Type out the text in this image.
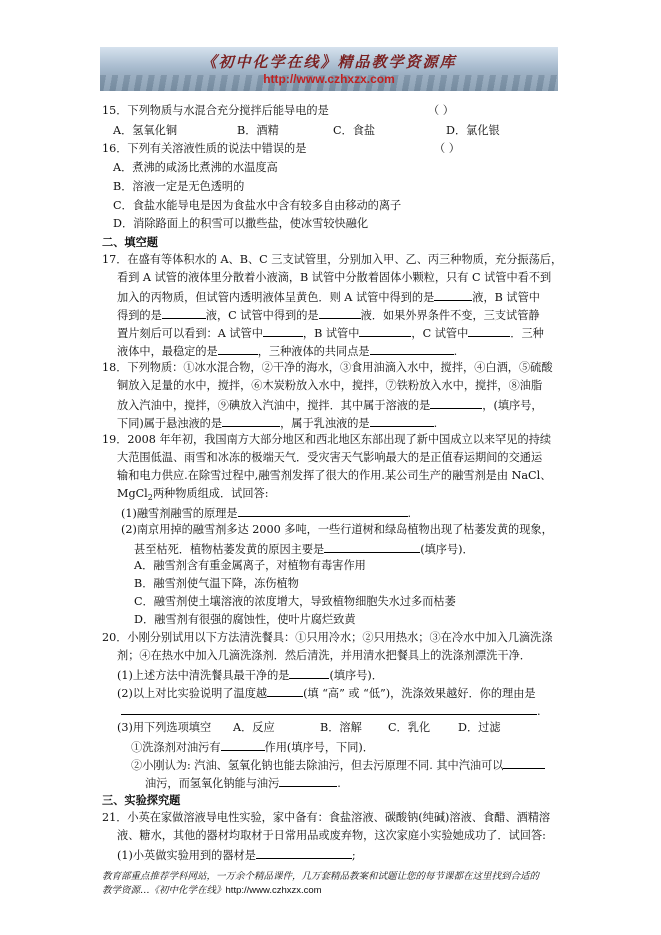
《初中化学在线》精品教学资源库
http://www.czhxzx.com
15．下列物质与水混合充分搅拌后能导电的是	（ ）
A．氢氧化铜	B．酒精	C．食盐	D．氯化银
16．下列有关溶液性质的说法中错误的是	（ ）
A．煮沸的咸汤比煮沸的水温度高
B．溶液一定是无色透明的
C．食盐水能导电是因为食盐水中含有较多自由移动的离子
D．消除路面上的积雪可以撒些盐，使冰雪较快融化
二、填空题
17．在盛有等体积水的 A、B、C 三支试管里，分别加入甲、乙、丙三种物质，充分振荡后，
看到 A 试管的液体里分散着小液滴，B 试管中分散着固体小颗粒，只有 C 试管中看不到
加入的丙物质，但试管内透明液体呈黄色．则 A 试管中得到的是	液，B 试管中
得到的是	液，C 试管中得到的是	液．如果外界条件不变，三支试管静
置片刻后可以看到：A 试管中	，B 试管中	，C 试管中	．三种
液体中，最稳定的是	，三种液体的共同点是	.
18．下列物质：①冰水混合物，②干净的海水，③食用油滴入水中，搅拌，④白酒，⑤硫酸
铜放入足量的水中，搅拌，⑥木炭粉放入水中，搅拌，⑦铁粉放入水中，搅拌，⑧油脂
放入汽油中，搅拌，⑨碘放入汽油中，搅拌．其中属于溶液的是	，(填序号，
下同)属于悬浊液的是	，属于乳浊液的是	.
19．2008 年年初，我国南方大部分地区和西北地区东部出现了新中国成立以来罕见的持续
大范围低温、雨雪和冰冻的极端天气．受灾害天气影响最大的是正值春运期间的交通运
输和电力供应.在除雪过程中,融雪剂发挥了很大的作用.某公司生产的融雪剂是由 NaCl、
MgCl$_2$两种物质组成．试回答:
(1)融雪剂融雪的原理是	.
(2)南京用掉的融雪剂多达 2000 多吨，一些行道树和绿岛植物出现了枯萎发黄的现象，
甚至枯死．植物枯萎发黄的原因主要是	(填序号)．
A．融雪剂含有重金属离子，对植物有毒害作用
B．融雪剂使气温下降，冻伤植物
C．融雪剂使土壤溶液的浓度增大，导致植物细胞失水过多而枯萎
D．融雪剂有很强的腐蚀性，使叶片腐烂致黄
20．小刚分别试用以下方法清洗餐具：①只用冷水；②只用热水；③在冷水中加入几滴洗涤
剂；④在热水中加入几滴洗涤剂．然后清洗，并用清水把餐具上的洗涤剂漂洗干净．
(1)上述方法中清洗餐具最干净的是	(填序号)．
(2)以上对比实验说明了温度越	(填 “高” 或 “低”)，洗涤效果越好．你的理由是
.
(3)用下列选项填空 A．反应	B．溶解 C．乳化 D．过滤
①洗涤剂对油污有	作用(填序号，下同)．
②小刚认为: 汽油、氢氧化钠也能去除油污，但去污原理不同. 其中汽油可以
油污，而氢氧化钠能与油污	.
三、实验探究题
21．小英在家做溶液导电性实验，家中备有：食盐溶液、碳酸钠(纯碱)溶液、食醋、酒精溶
液、糖水，其他的器材均取材于日常用品或废弃物，这次家庭小实验她成功了．试回答:
(1)小英做实验用到的器材是	;
教育部重点推荐学科网站，一万余个精品课件，几万套精品教案和试题让您的每节课都在这里找到合适的
教学资源…《初中化学在线》http://www.czhxzx.com
